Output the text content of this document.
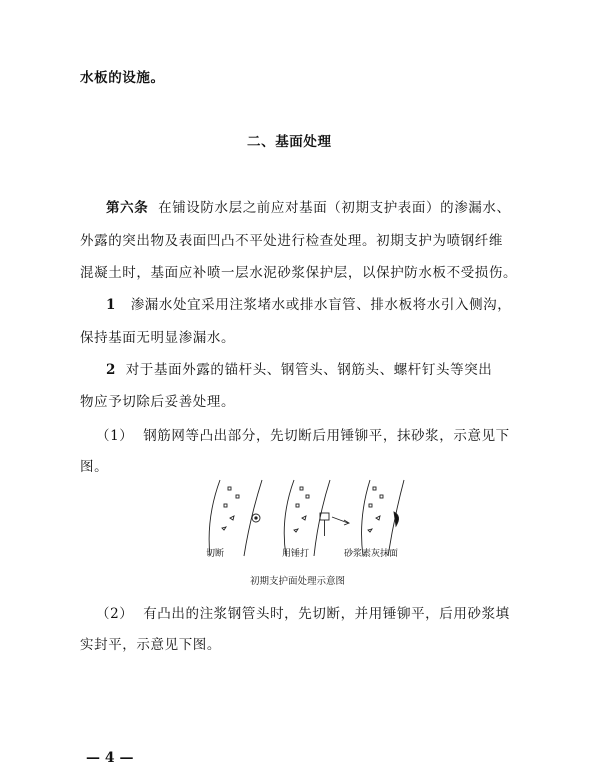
水板的设施。

二、基面处理

第六条 在铺设防水层之前应对基面（初期支护表面）的渗漏水、

外露的突出物及表面凹凸不平处进行检查处理。初期支护为喷钢纤维

混凝土时，基面应补喷一层水泥砂浆保护层，以保护防水板不受损伤。

1 渗漏水处宜采用注浆堵水或排水盲管、排水板将水引入侧沟，

保持基面无明显渗漏水。

2 对于基面外露的锚杆头、钢管头、钢筋头、螺杆钉头等突出

物应予切除后妥善处理。

（1） 钢筋网等凸出部分，先切断后用锤铆平，抹砂浆，示意见下

图。

切断	用锤打	砂浆素灰抹面

初期支护面处理示意图

（2） 有凸出的注浆钢管头时，先切断，并用锤铆平，后用砂浆填

实封平，示意见下图。

— 4 —
